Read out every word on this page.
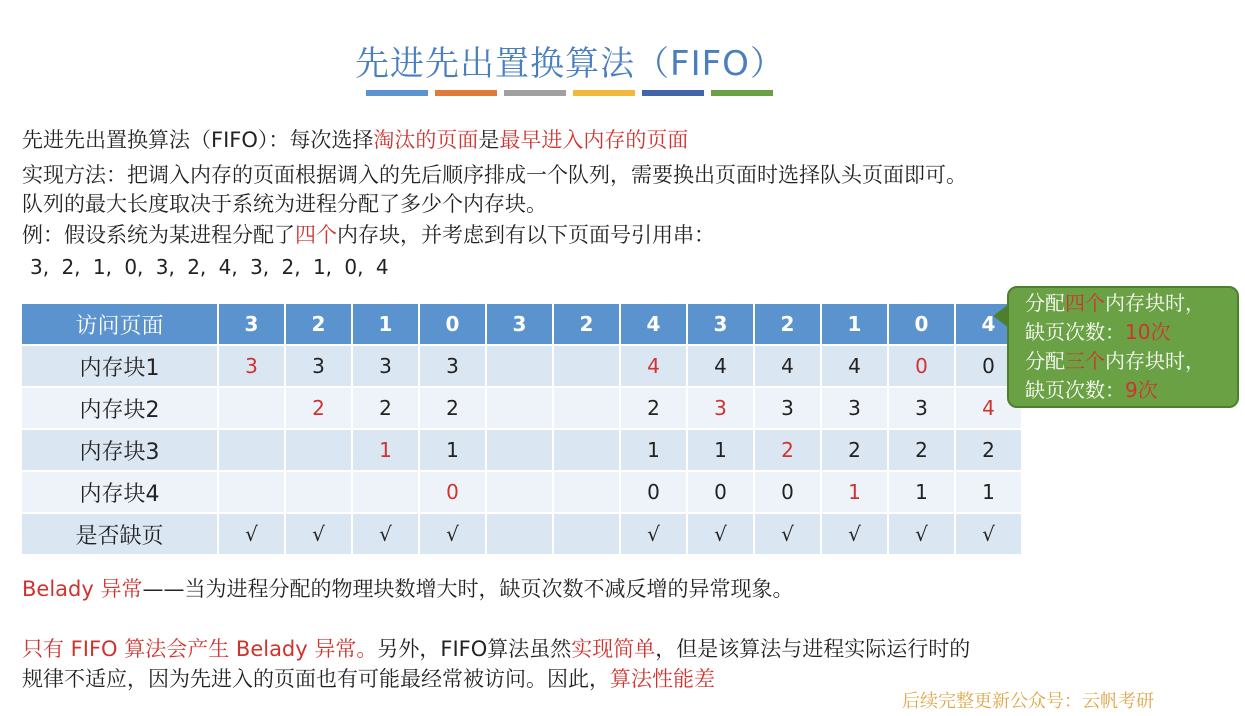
先进先出置换算法（FIFO）
先进先出置换算法（FIFO）：每次选择淘汰的页面是最早进入内存的页面
实现方法：把调入内存的页面根据调入的先后顺序排成一个队列，需要换出页面时选择队头页面即可。
队列的最大长度取决于系统为进程分配了多少个内存块。
例：假设系统为某进程分配了四个内存块，并考虑到有以下页面号引用串：
3, 2, 1, 0, 3, 2, 4, 3, 2, 1, 0, 4
访问页面	3	2	1	0	3	2	4	3	2	1	0	4
内存块1	3	3	3	3			4	4	4	4	0	0
内存块2		2	2	2			2	3	3	3	3	4
内存块3			1	1			1	1	2	2	2	2
内存块4				0			0	0	0	1	1	1
是否缺页	√	√	√	√			√	√	√	√	√	√
分配四个内存块时，
缺页次数：10次
分配三个内存块时，
缺页次数：9次
Belady 异常——当为进程分配的物理块数增大时，缺页次数不减反增的异常现象。
只有 FIFO 算法会产生 Belady 异常。另外，FIFO算法虽然实现简单，但是该算法与进程实际运行时的
规律不适应，因为先进入的页面也有可能最经常被访问。因此，算法性能差
后续完整更新公众号：云帆考研
